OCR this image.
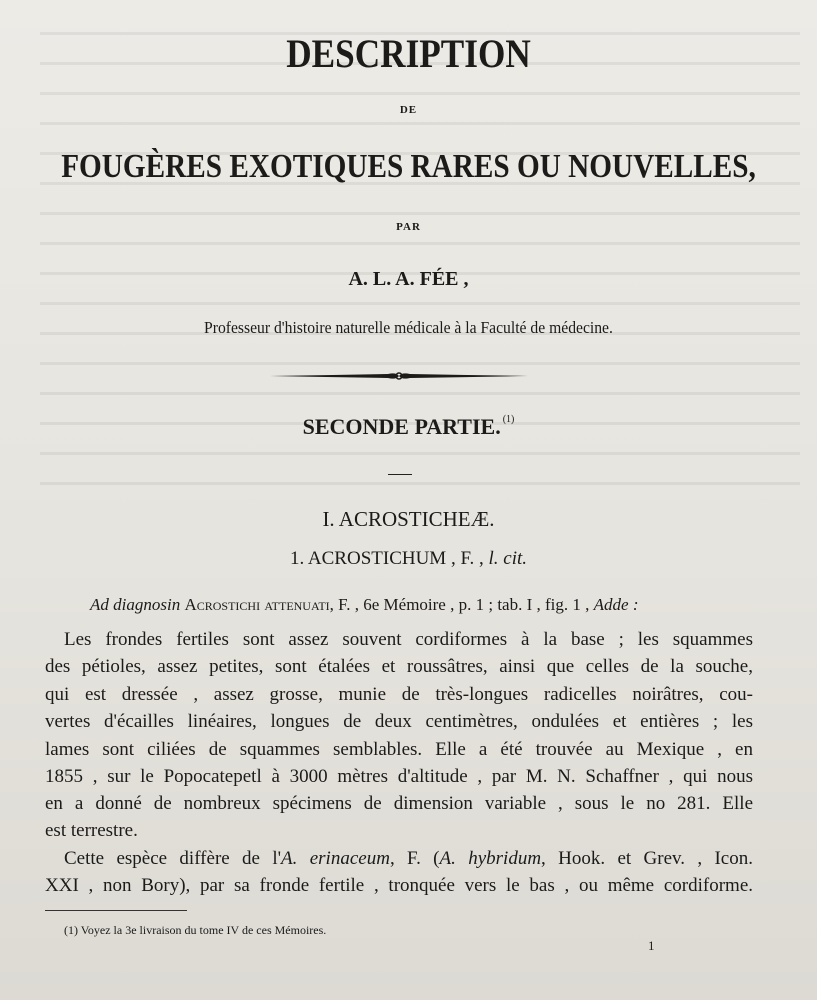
DESCRIPTION
DE
FOUGÈRES EXOTIQUES RARES OU NOUVELLES,
PAR
A. L. A. FÉE ,
Professeur d'histoire naturelle médicale à la Faculté de médecine.
SECONDE PARTIE. $^{(1)}$
I. ACROSTICHEÆ.
1. ACROSTICHUM , F. , l. cit.
Ad diagnosin Acrostichi attenuati, F. , 6e Mémoire , p. 1 ; tab. I , fig. 1 , Adde :
Les frondes fertiles sont assez souvent cordiformes à la base ; les squammes
des pétioles, assez petites, sont étalées et roussâtres, ainsi que celles de la souche,
qui est dressée , assez grosse, munie de très-longues radicelles noirâtres, cou-
vertes d'écailles linéaires, longues de deux centimètres, ondulées et entières ; les
lames sont ciliées de squammes semblables. Elle a été trouvée au Mexique , en
1855 , sur le Popocatepetl à 3000 mètres d'altitude , par M. N. Schaffner , qui nous
en a donné de nombreux spécimens de dimension variable , sous le no 281. Elle
est terrestre.
Cette espèce diffère de l'A. erinaceum, F. (A. hybridum, Hook. et Grev. , Icon.
XXI , non Bory), par sa fronde fertile , tronquée vers le bas , ou même cordiforme.
(1) Voyez la 3e livraison du tome IV de ces Mémoires.
1
